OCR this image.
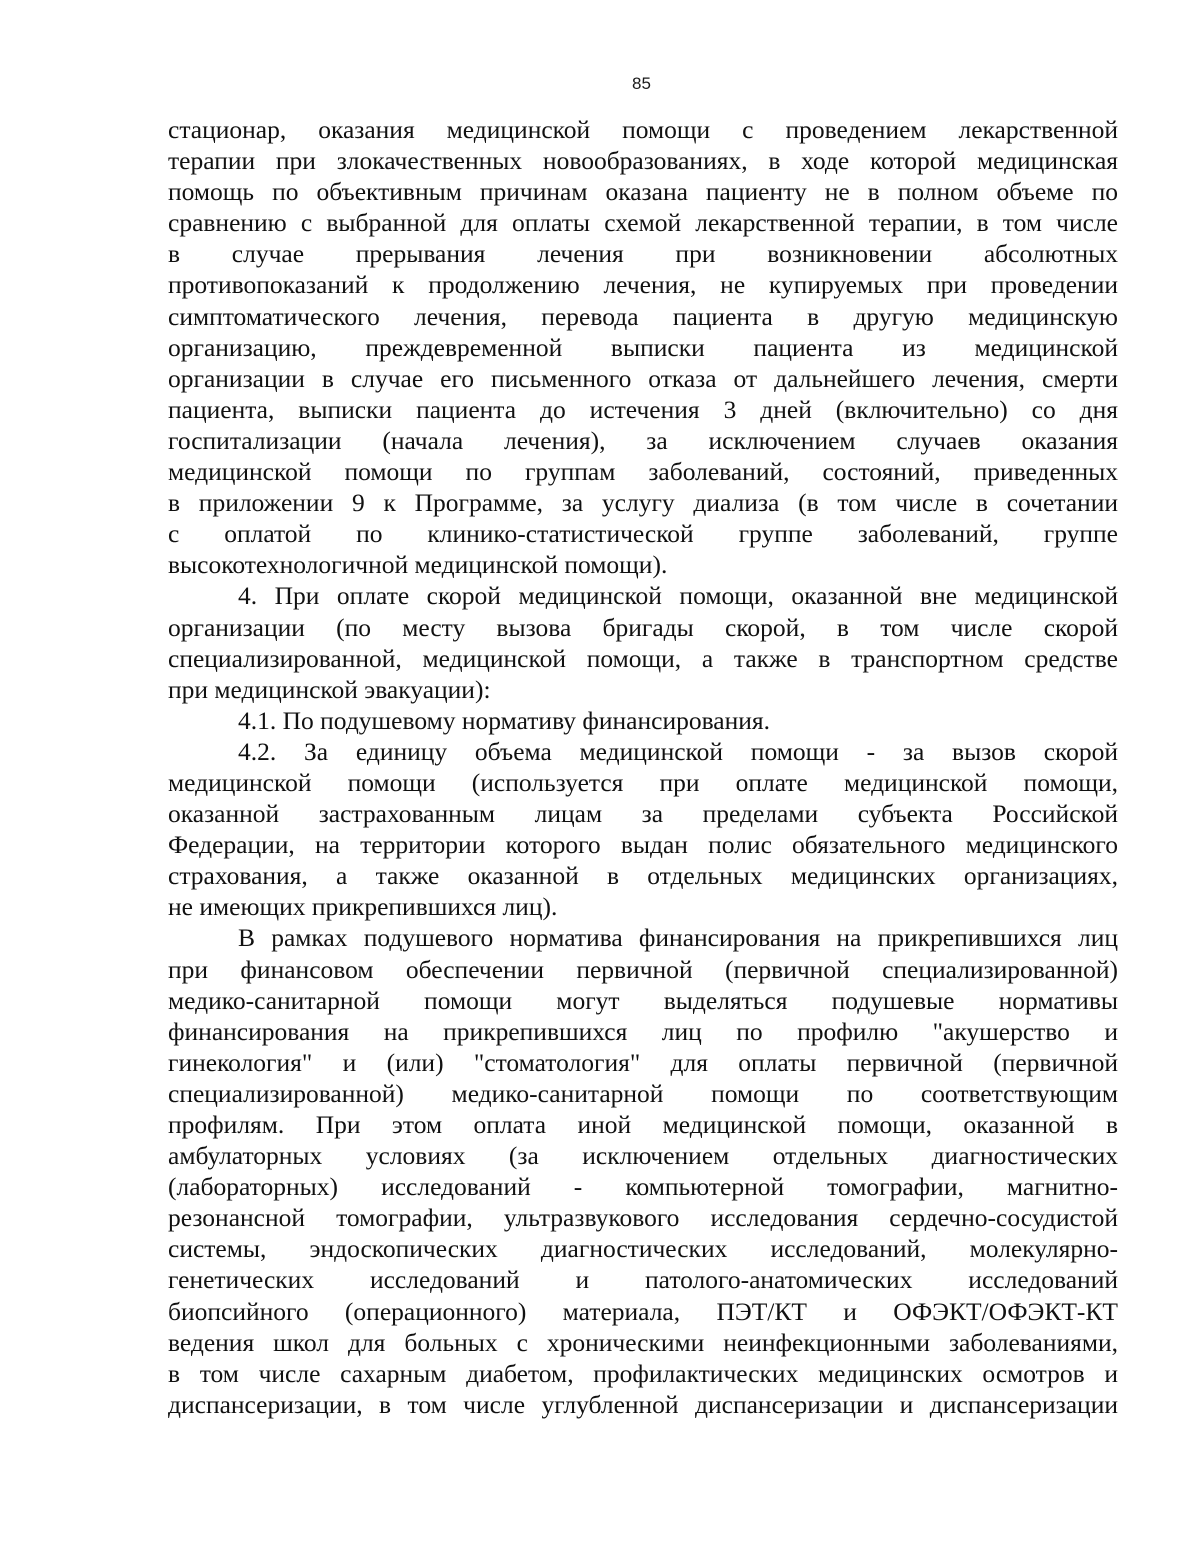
85
стационар, оказания медицинской помощи с проведением лекарственной
терапии при злокачественных новообразованиях, в ходе которой медицинская
помощь по объективным причинам оказана пациенту не в полном объеме по
сравнению с выбранной для оплаты схемой лекарственной терапии, в том числе
в случае прерывания лечения при возникновении абсолютных
противопоказаний к продолжению лечения, не купируемых при проведении
симптоматического лечения, перевода пациента в другую медицинскую
организацию, преждевременной выписки пациента из медицинской
организации в случае его письменного отказа от дальнейшего лечения, смерти
пациента, выписки пациента до истечения 3 дней (включительно) со дня
госпитализации (начала лечения), за исключением случаев оказания
медицинской помощи по группам заболеваний, состояний, приведенных
в приложении 9 к Программе, за услугу диализа (в том числе в сочетании
с оплатой по клинико-статистической группе заболеваний, группе
высокотехнологичной медицинской помощи).
4. При оплате скорой медицинской помощи, оказанной вне медицинской
организации (по месту вызова бригады скорой, в том числе скорой
специализированной, медицинской помощи, а также в транспортном средстве
при медицинской эвакуации):
4.1. По подушевому нормативу финансирования.
4.2. За единицу объема медицинской помощи - за вызов скорой
медицинской помощи (используется при оплате медицинской помощи,
оказанной застрахованным лицам за пределами субъекта Российской
Федерации, на территории которого выдан полис обязательного медицинского
страхования, а также оказанной в отдельных медицинских организациях,
не имеющих прикрепившихся лиц).
В рамках подушевого норматива финансирования на прикрепившихся лиц
при финансовом обеспечении первичной (первичной специализированной)
медико-санитарной помощи могут выделяться подушевые нормативы
финансирования на прикрепившихся лиц по профилю "акушерство и
гинекология" и (или) "стоматология" для оплаты первичной (первичной
специализированной) медико-санитарной помощи по соответствующим
профилям. При этом оплата иной медицинской помощи, оказанной в
амбулаторных условиях (за исключением отдельных диагностических
(лабораторных) исследований - компьютерной томографии, магнитно-
резонансной томографии, ультразвукового исследования сердечно-сосудистой
системы, эндоскопических диагностических исследований, молекулярно-
генетических исследований и патолого-анатомических исследований
биопсийного (операционного) материала, ПЭТ/КТ и ОФЭКТ/ОФЭКТ-КТ
ведения школ для больных с хроническими неинфекционными заболеваниями,
в том числе сахарным диабетом, профилактических медицинских осмотров и
диспансеризации, в том числе углубленной диспансеризации и диспансеризации
